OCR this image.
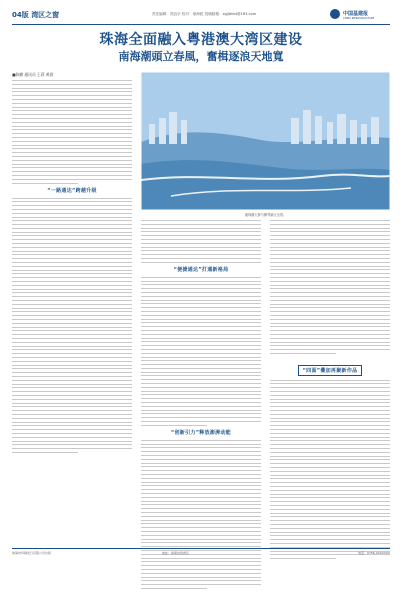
04版 湾区之窗	责任编辑：郑良宗 校对：徐润乾 投稿邮箱：zgjjbhbt@163.com	中国基建报
CHINA INFRASTRUCTURE
珠海全面融入粤港澳大湾区建设
南海潮頭立春風，奮楫逐浪天地寬
■陈鹏 通讯员 王莉 黄尉
“一路通达”跨越升级
港珠澳大桥与横琴新区全景。
“便捷通达”打通新格局
“创新引力”释放澎湃动能
“四面”叠加再聚新作品
珠海市印刷发行有限公司出版	地址：珠海市香洲区	电话：0756-2XXXXXX
